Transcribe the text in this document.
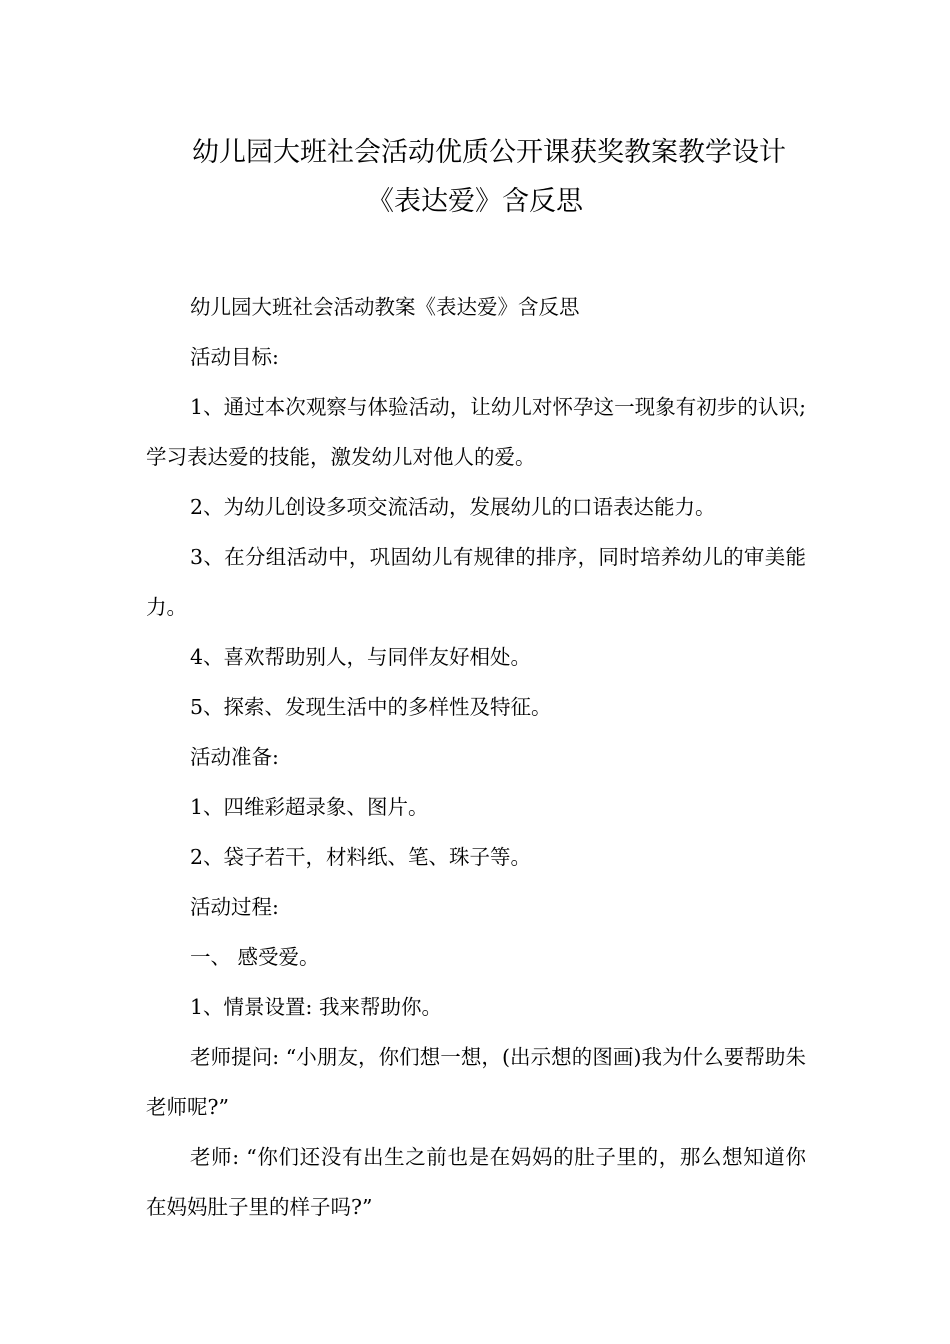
幼儿园大班社会活动优质公开课获奖教案教学设计
《表达爱》含反思

幼儿园大班社会活动教案《表达爱》含反思

活动目标:

1、通过本次观察与体验活动，让幼儿对怀孕这一现象有初步的认识;学习表达爱的技能，激发幼儿对他人的爱。

2、为幼儿创设多项交流活动，发展幼儿的口语表达能力。

3、在分组活动中，巩固幼儿有规律的排序，同时培养幼儿的审美能力。

4、喜欢帮助别人，与同伴友好相处。

5、探索、发现生活中的多样性及特征。

活动准备:

1、四维彩超录象、图片。

2、袋子若干，材料纸、笔、珠子等。

活动过程:

一、 感受爱。

1、情景设置: 我来帮助你。

老师提问: “小朋友，你们想一想，(出示想的图画)我为什么要帮助朱老师呢?”

老师: “你们还没有出生之前也是在妈妈的肚子里的，那么想知道你在妈妈肚子里的样子吗?”
